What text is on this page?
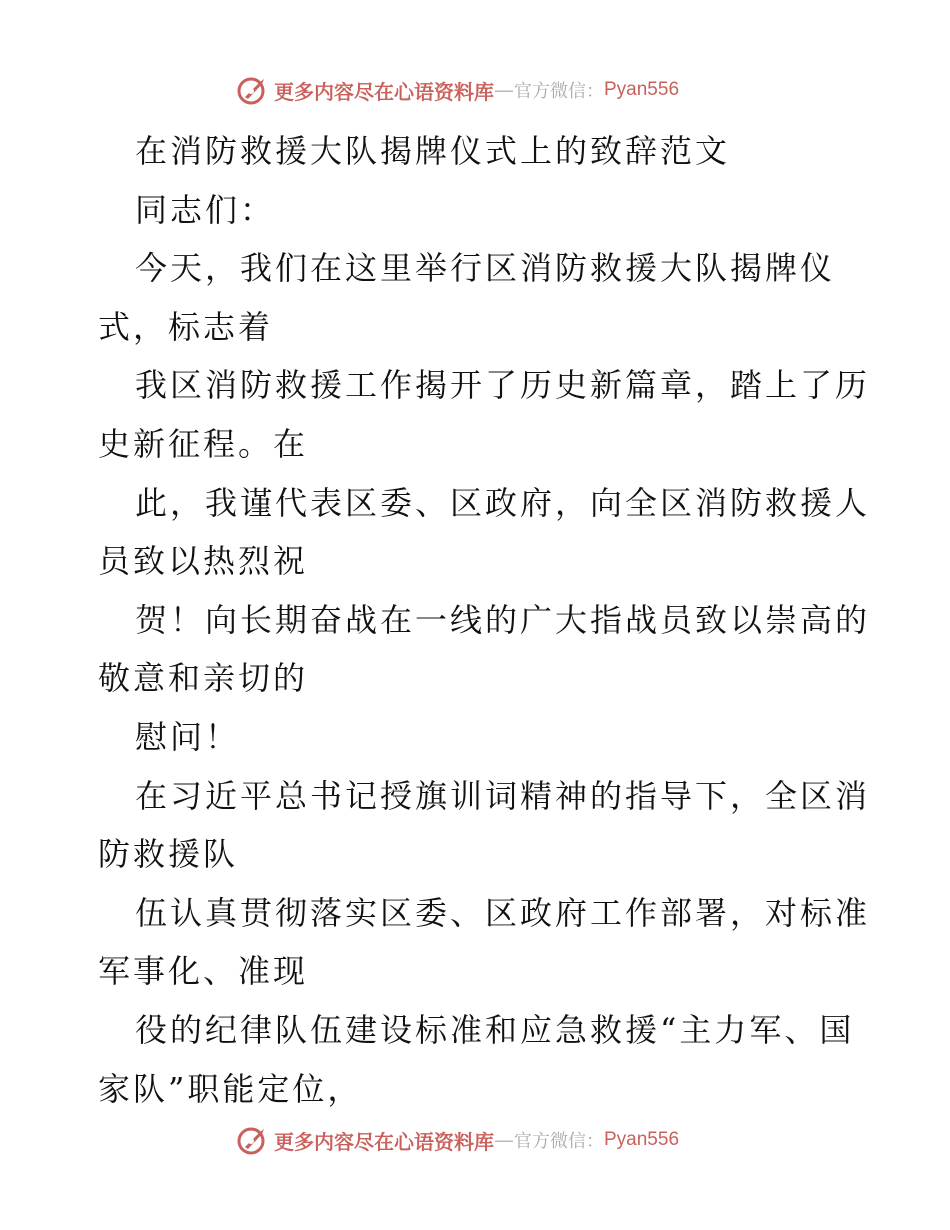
更多内容尽在心语资料库 — 官方微信： Pyan556
在消防救援大队揭牌仪式上的致辞范文
同志们：
今天，我们在这里举行区消防救援大队揭牌仪
式，标志着
我区消防救援工作揭开了历史新篇章，踏上了历
史新征程。在
此，我谨代表区委、区政府，向全区消防救援人
员致以热烈祝
贺！向长期奋战在一线的广大指战员致以崇高的
敬意和亲切的
慰问！
在习近平总书记授旗训词精神的指导下，全区消
防救援队
伍认真贯彻落实区委、区政府工作部署，对标准
军事化、准现
役的纪律队伍建设标准和应急救援“主力军、国
家队”职能定位，
更多内容尽在心语资料库 — 官方微信： Pyan556
